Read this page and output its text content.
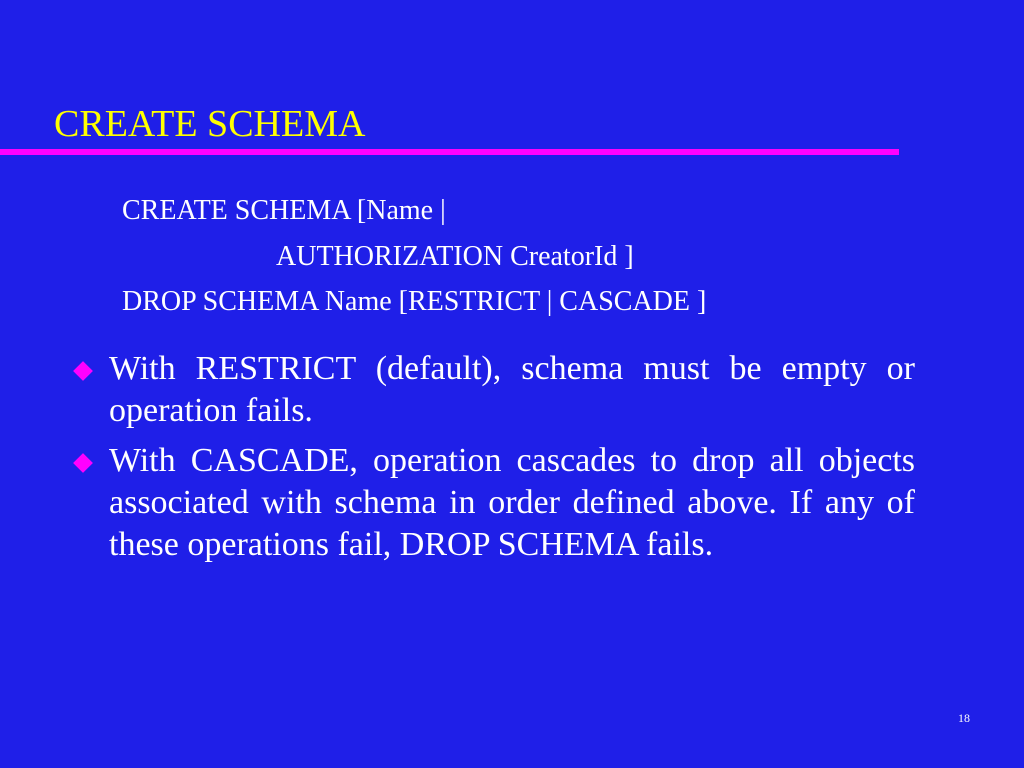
CREATE SCHEMA
CREATE SCHEMA [Name |
AUTHORIZATION CreatorId ]
DROP SCHEMA Name [RESTRICT | CASCADE ]
With RESTRICT (default), schema must be empty or operation fails.
With CASCADE, operation cascades to drop all objects associated with schema in order defined above. If any of these operations fail, DROP SCHEMA fails.
18
